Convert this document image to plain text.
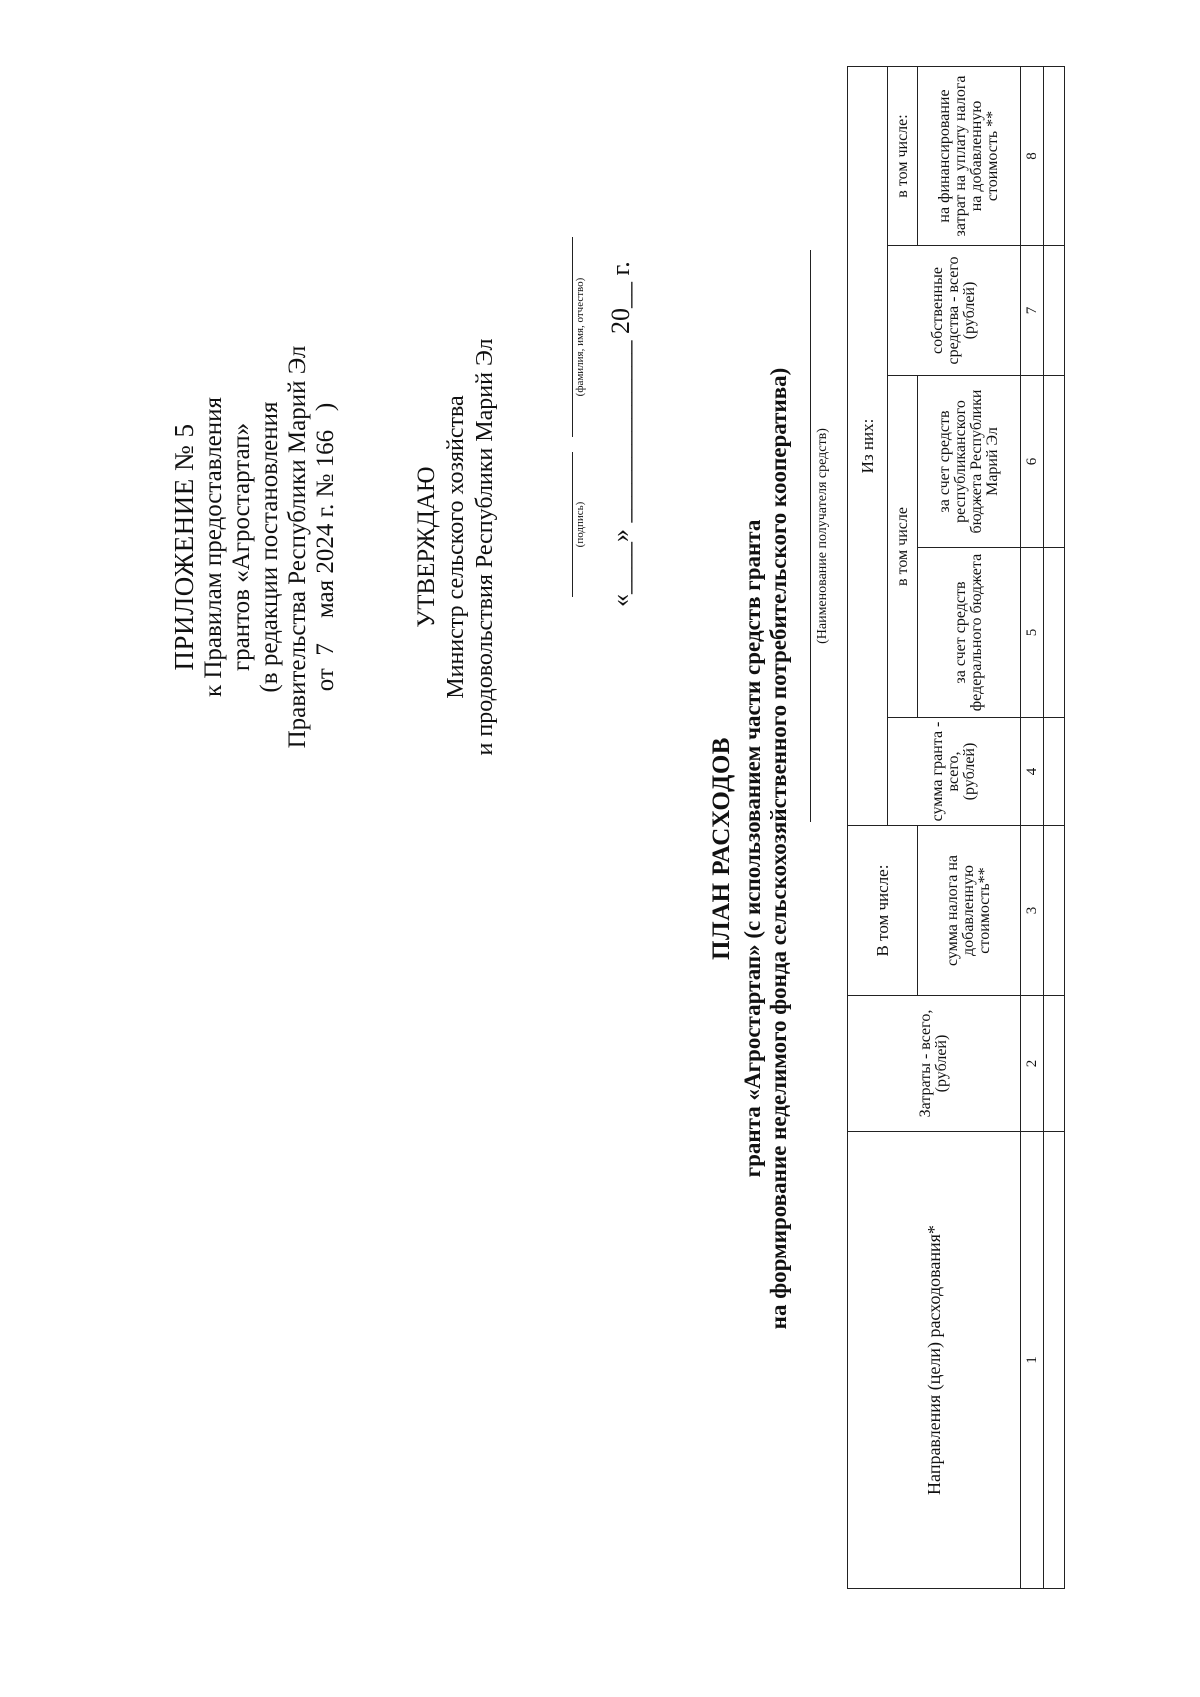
ПРИЛОЖЕНИЕ № 5 к Правилам предоставления грантов «Агростартап» (в редакции постановления Правительства Республики Марий Эл от  7    мая 2024 г. № 166   )	УТВЕРЖДАЮ Министр сельского хозяйства и продовольствия Республики Марий Эл	(подпись)
(фамилия, имя, отчество) «____» ______________ 20__ г.
ПЛАН РАСХОДОВ гранта «Агростартап» (с использованием части средств гранта на формирование неделимого фонда сельскохозяйственного потребительского кооператива) (Наименование получателя средств)
Направления (цели) расходования*	Затраты - всего, (рублей)	В том числе:	Из них:				
			сумма гранта - всего, (рублей)	в том числе		собственные средства - всего (рублей)	в том числе:
		сумма налога на добавленную стоимость**		за счет средств федерального бюджета	за счет средств республиканского бюджета Республики Марий Эл		на финансирование затрат на уплату налога на добавленную стоимость **
1	2	3	4	5	6	7	8
